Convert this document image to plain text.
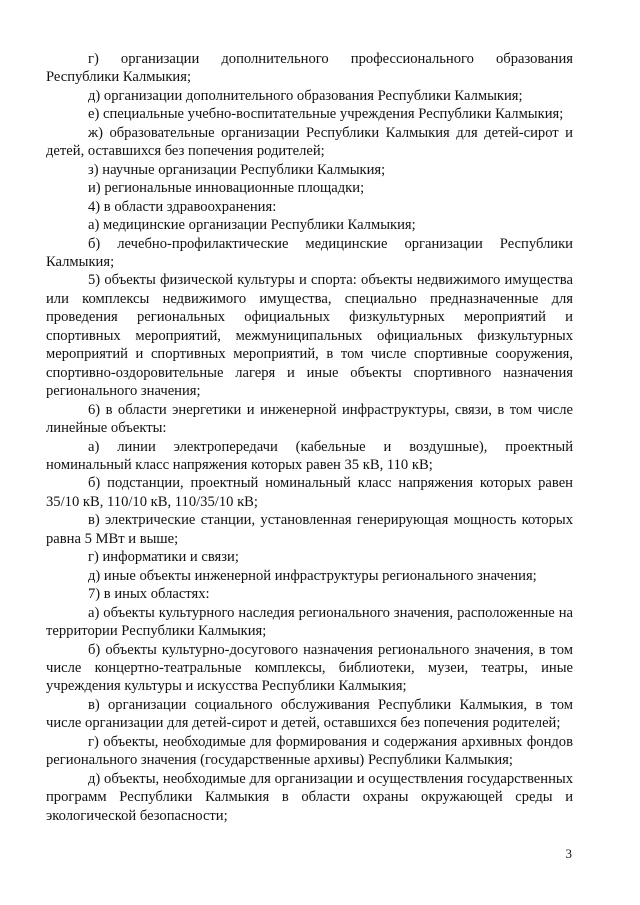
г) организации дополнительного профессионального образования Республики Калмыкия;

д) организации дополнительного образования Республики Калмыкия;

е) специальные учебно-воспитательные учреждения Республики Калмыкия;

ж) образовательные организации Республики Калмыкия для детей-сирот и детей, оставшихся без попечения родителей;

з) научные организации Республики Калмыкия;

и) региональные инновационные площадки;

4) в области здравоохранения:

а) медицинские организации Республики Калмыкия;

б) лечебно-профилактические медицинские организации Республики Калмыкия;

5) объекты физической культуры и спорта: объекты недвижимого имущества или комплексы недвижимого имущества, специально предназначенные для проведения региональных официальных физкультурных мероприятий и спортивных мероприятий, межмуниципальных официальных физкультурных мероприятий и спортивных мероприятий, в том числе спортивные сооружения, спортивно-оздоровительные лагеря и иные объекты спортивного назначения регионального значения;

6) в области энергетики и инженерной инфраструктуры, связи, в том числе линейные объекты:

а) линии электропередачи (кабельные и воздушные), проектный номинальный класс напряжения которых равен 35 кВ, 110 кВ;

б) подстанции, проектный номинальный класс напряжения которых равен 35/10 кВ, 110/10 кВ, 110/35/10 кВ;

в) электрические станции, установленная генерирующая мощность которых равна 5 МВт и выше;

г) информатики и связи;

д) иные объекты инженерной инфраструктуры регионального значения;

7) в иных областях:

а) объекты культурного наследия регионального значения, расположенные на территории Республики Калмыкия;

б) объекты культурно-досугового назначения регионального значения, в том числе концертно-театральные комплексы, библиотеки, музеи, театры, иные учреждения культуры и искусства Республики Калмыкия;

в) организации социального обслуживания Республики Калмыкия, в том числе организации для детей-сирот и детей, оставшихся без попечения родителей;

г) объекты, необходимые для формирования и содержания архивных фондов регионального значения (государственные архивы) Республики Калмыкия;

д) объекты, необходимые для организации и осуществления государственных программ Республики Калмыкия в области охраны окружающей среды и экологической безопасности;

3
